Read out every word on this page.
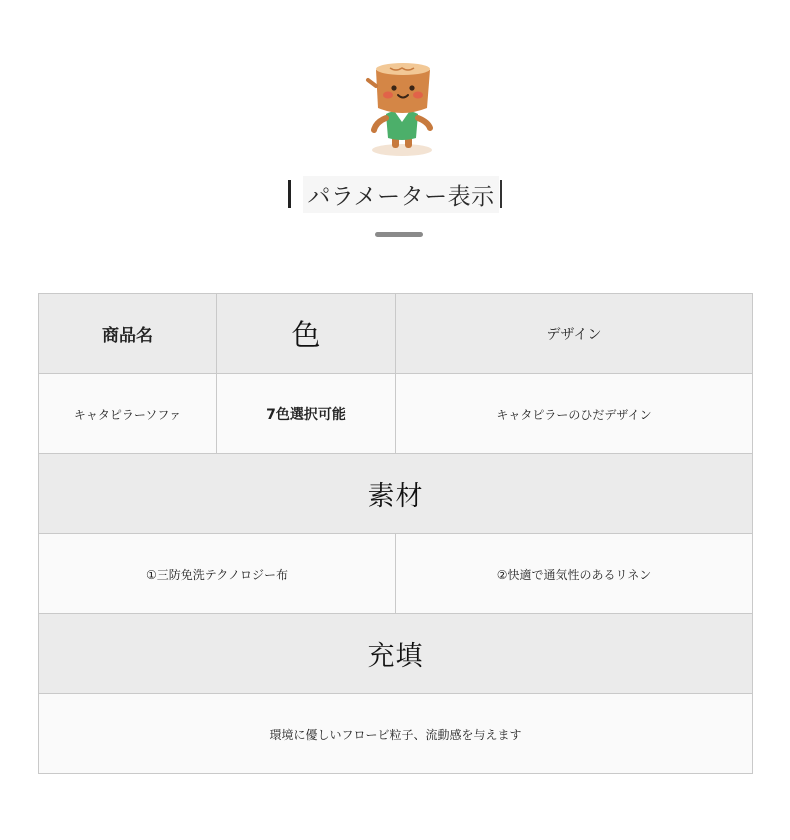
パラメーター表示
商品名	色	デザイン
キャタピラーソファ	7色選択可能	キャタピラーのひだデザイン
素材		
①三防免洗テクノロジー布		②快適で通気性のあるリネン
充填		
環境に優しいフロービ粒子、流動感を与えます		
